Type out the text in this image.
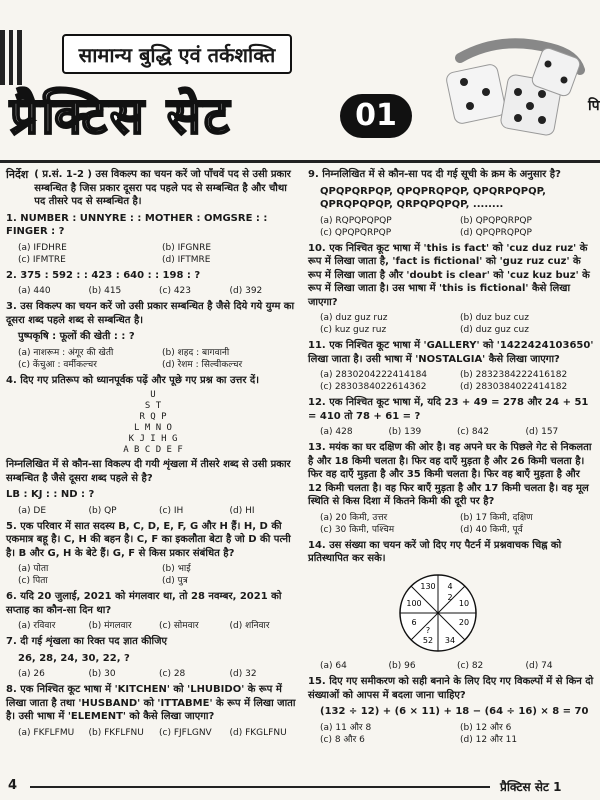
सामान्य बुद्धि एवं तर्कशक्ति
प्रैक्टिस सेट	01	पि
निर्देश ( प्र.सं. 1-2 ) उस विकल्प का चयन करें जो पाँचवें पद से उसी प्रकार सम्बन्धित है जिस प्रकार दूसरा पद पहले पद से सम्बन्धित है और चौथा पद तीसरे पद से सम्बन्धित है।
1. NUMBER : UNNYRE : : MOTHER : OMGSRE : : FINGER : ?
(a) IFDHRE	(b) IFGNRE
(c) IFMTRE	(d) IFTMRE
2. 375 : 592 : : 423 : 640 : : 198 : ?
(a) 440	(b) 415	(c) 423	(d) 392
3. उस विकल्प का चयन करें जो उसी प्रकार सम्बन्धित है जैसे दिये गये युग्म का दूसरा शब्द पहले शब्द से सम्बन्धित है।
पुष्पकृषि : फूलों की खेती : : ?
(a) नाशरूम : अंगूर की खेती	(b) शहद : बागवानी
(c) केंचुआ : वर्मीकल्चर	(d) रेशम : सिल्वीकल्चर
4. दिए गए प्रतिरूप को ध्यानपूर्वक पढ़ें और पूछे गए प्रश्न का उत्तर दें।
U
S T
R Q P
L M N O
K J I H G
A B C D E F
निम्नलिखित में से कौन-सा विकल्प दी गयी शृंखला में तीसरे शब्द से उसी प्रकार सम्बन्धित है जैसे दूसरा शब्द पहले से है?
LB : KJ : : ND : ?
(a) DE	(b) QP	(c) IH	(d) HI
5. एक परिवार में सात सदस्य B, C, D, E, F, G और H हैं। H, D की एकमात्र बहू है। C, H की बहन है। C, F का इकलौता बेटा है जो D की पत्नी है। B और G, H के बेटे हैं। G, F से किस प्रकार संबंधित है?
(a) पोता	(b) भाई
(c) पिता	(d) पुत्र
6. यदि 20 जुलाई, 2021 को मंगलवार था, तो 28 नवम्बर, 2021 को सप्ताह का कौन-सा दिन था?
(a) रविवार	(b) मंगलवार	(c) सोमवार	(d) शनिवार
7. दी गई शृंखला का रिक्त पद ज्ञात कीजिए
26, 28, 24, 30, 22, ?
(a) 26	(b) 30	(c) 28	(d) 32
8. एक निश्चित कूट भाषा में 'KITCHEN' को 'LHUBIDO' के रूप में लिखा जाता है तथा 'HUSBAND' को 'ITTABME' के रूप में लिखा जाता है। उसी भाषा में 'ELEMENT' को कैसे लिखा जाएगा?
(a) FKFLFMU	(b) FKFLFNU	(c) FJFLGNV	(d) FKGLFNU
9. निम्नलिखित में से कौन-सा पद दी गई सूची के क्रम के अनुसार है?
QPQPQRPQP, QPQPRQPQP, QPQRPQPQP, QPRQPQPQP, QRPQPQPQP, ........
(a) RQPQPQPQP	(b) QPQPQRPQP
(c) QPQPQRPQP	(d) QPQPRQPQP
10. एक निश्चित कूट भाषा में 'this is fact' को 'cuz duz ruz' के रूप में लिखा जाता है, 'fact is fictional' को 'guz ruz cuz' के रूप में लिखा जाता है और 'doubt is clear' को 'cuz kuz buz' के रूप में लिखा जाता है। उस भाषा में 'this is fictional' कैसे लिखा जाएगा?
(a) duz guz ruz	(b) duz buz cuz
(c) kuz guz ruz	(d) duz guz cuz
11. एक निश्चित कूट भाषा में 'GALLERY' को '1422424103650' लिखा जाता है। उसी भाषा में 'NOSTALGIA' कैसे लिखा जाएगा?
(a) 2830204222414184	(b) 2832384222416182
(c) 2830384022614362	(d) 2830384022414182
12. एक निश्चित कूट भाषा में, यदि 23 + 49 = 278 और 24 + 51 = 410 तो 78 + 61 = ?
(a) 428	(b) 139	(c) 842	(d) 157
13. मयंक का घर दक्षिण की ओर है। वह अपने घर के पिछले गेट से निकलता है और 18 किमी चलता है। फिर वह दाएँ मुड़ता है और 26 किमी चलता है। फिर वह दाएँ मुड़ता है और 35 किमी चलता है। फिर वह बाएँ मुड़ता है और 12 किमी चलता है। वह फिर बाएँ मुड़ता है और 17 किमी चलता है। वह मूल स्थिति से किस दिशा में कितने किमी की दूरी पर है?
(a) 20 किमी, उत्तर	(b) 17 किमी, दक्षिण
(c) 30 किमी, पश्चिम	(d) 40 किमी, पूर्व
14. उस संख्या का चयन करें जो दिए गए पैटर्न में प्रश्नवाचक चिह्न को प्रतिस्थापित कर सके।
130 4
100	10
6	20
52 34
?
2
(a) 64	(b) 96	(c) 82	(d) 74
15. दिए गए समीकरण को सही बनाने के लिए दिए गए विकल्पों में से किन दो संख्याओं को आपस में बदला जाना चाहिए?
(132 ÷ 12) + (6 × 11) + 18 − (64 ÷ 16) × 8 = 70
(a) 11 और 8	(b) 12 और 6
(c) 8 और 6	(d) 12 और 11
4	प्रैक्टिस सेट 1
